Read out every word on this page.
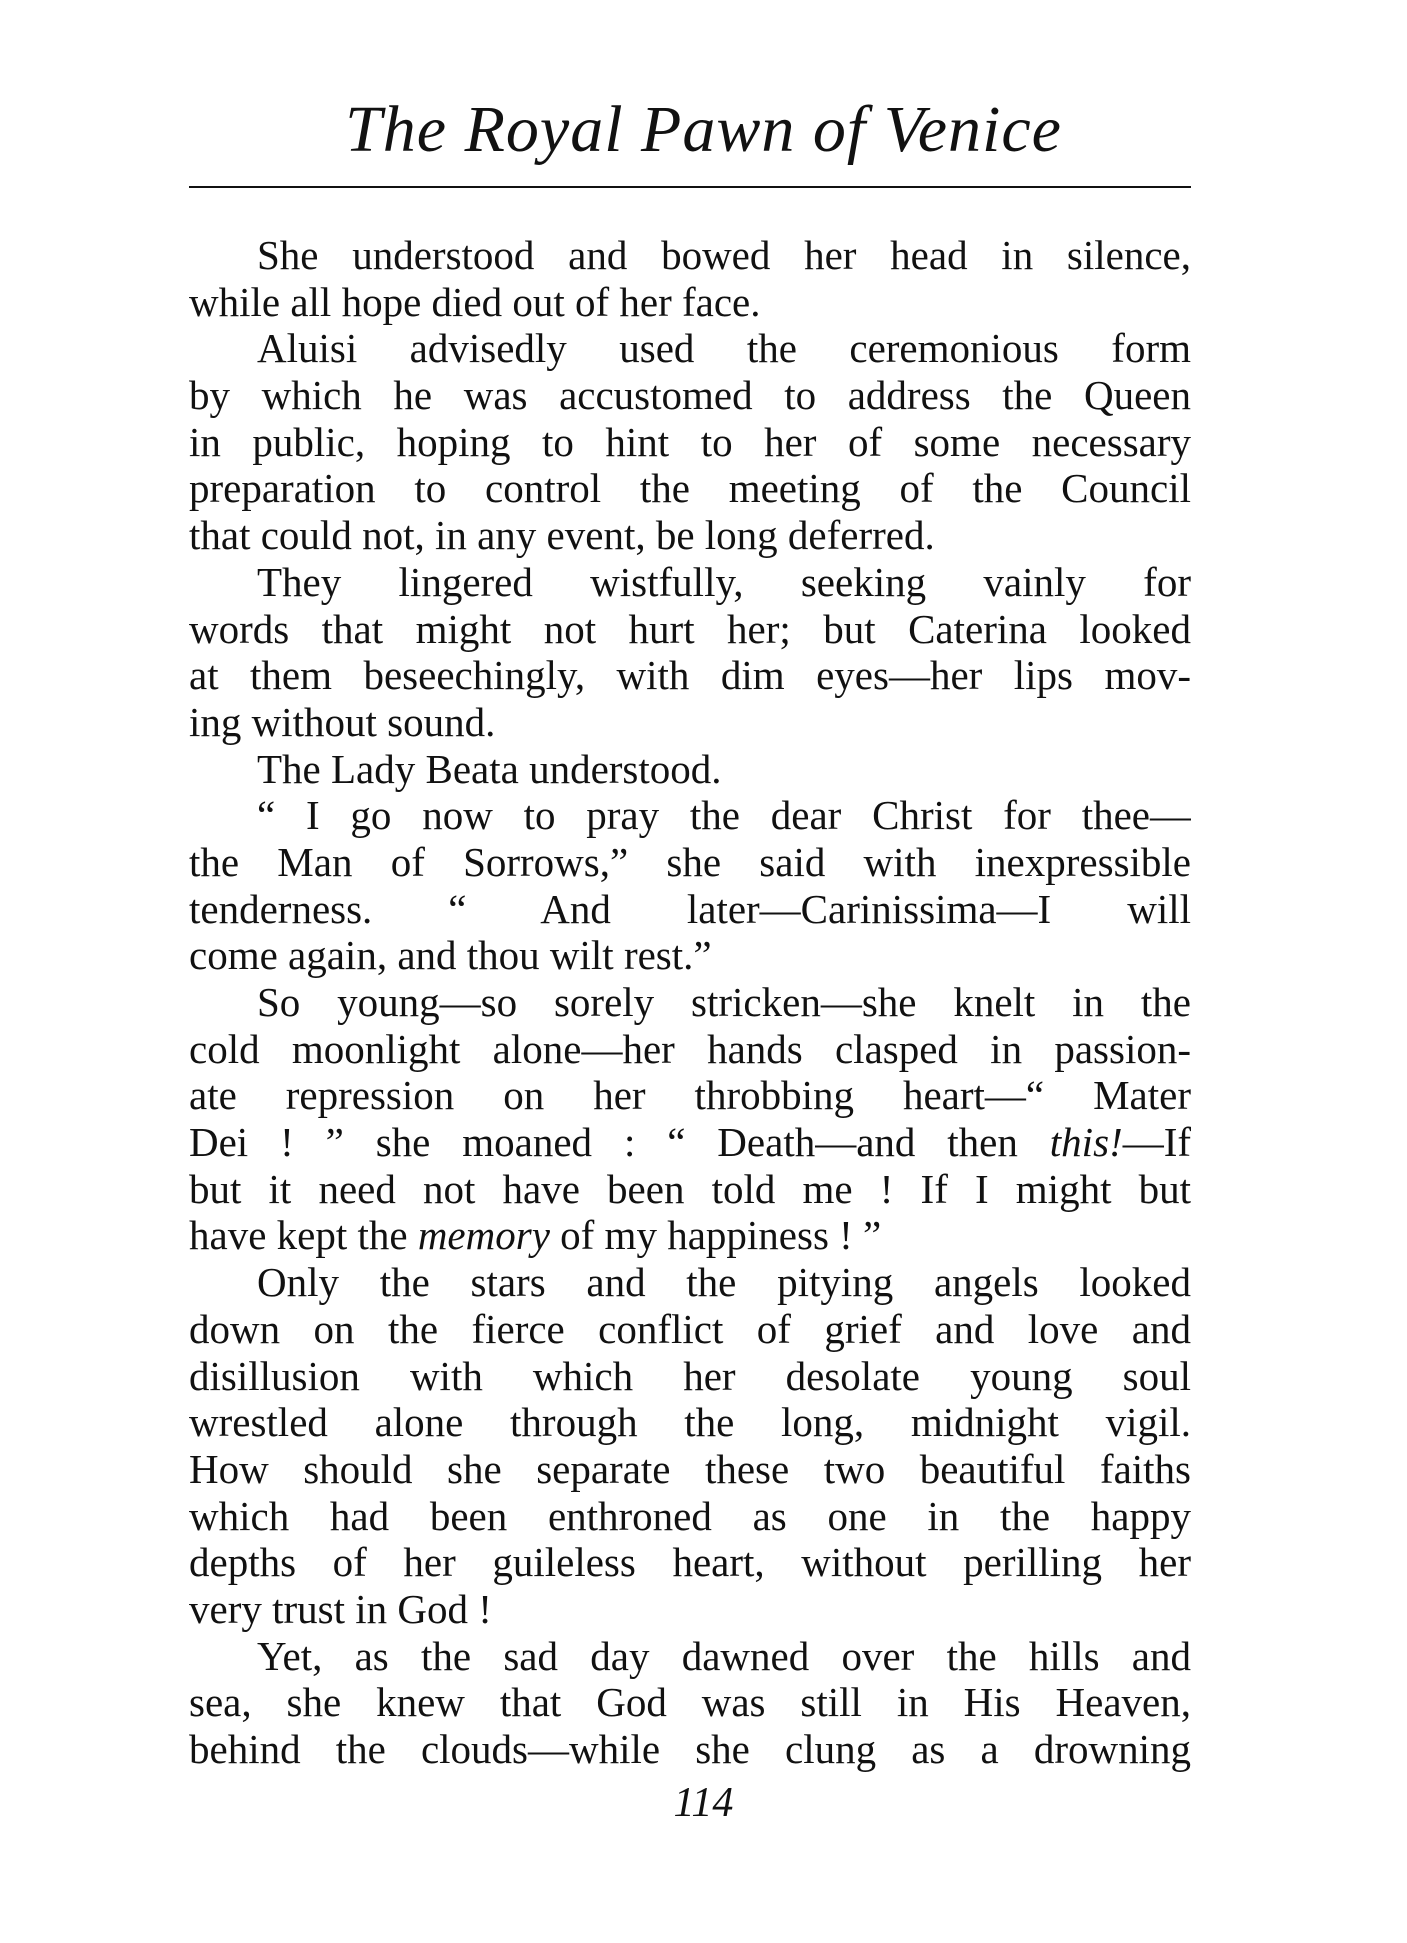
The Royal Pawn of Venice
She understood and bowed her head in silence,
while all hope died out of her face.
Aluisi advisedly used the ceremonious form
by which he was accustomed to address the Queen
in public, hoping to hint to her of some necessary
preparation to control the meeting of the Council
that could not, in any event, be long deferred.
They lingered wistfully, seeking vainly for
words that might not hurt her; but Caterina looked
at them beseechingly, with dim eyes—her lips mov-
ing without sound.
The Lady Beata understood.
“ I go now to pray the dear Christ for thee—
the Man of Sorrows,” she said with inexpressible
tenderness. “ And later—Carinissima—I will
come again, and thou wilt rest.”
So young—so sorely stricken—she knelt in the
cold moonlight alone—her hands clasped in passion-
ate repression on her throbbing heart—“ Mater
Dei ! ” she moaned : “ Death—and then this!—If
but it need not have been told me ! If I might but
have kept the memory of my happiness ! ”
Only the stars and the pitying angels looked
down on the fierce conflict of grief and love and
disillusion with which her desolate young soul
wrestled alone through the long, midnight vigil.
How should she separate these two beautiful faiths
which had been enthroned as one in the happy
depths of her guileless heart, without perilling her
very trust in God !
Yet, as the sad day dawned over the hills and
sea, she knew that God was still in His Heaven,
behind the clouds—while she clung as a drowning
114
